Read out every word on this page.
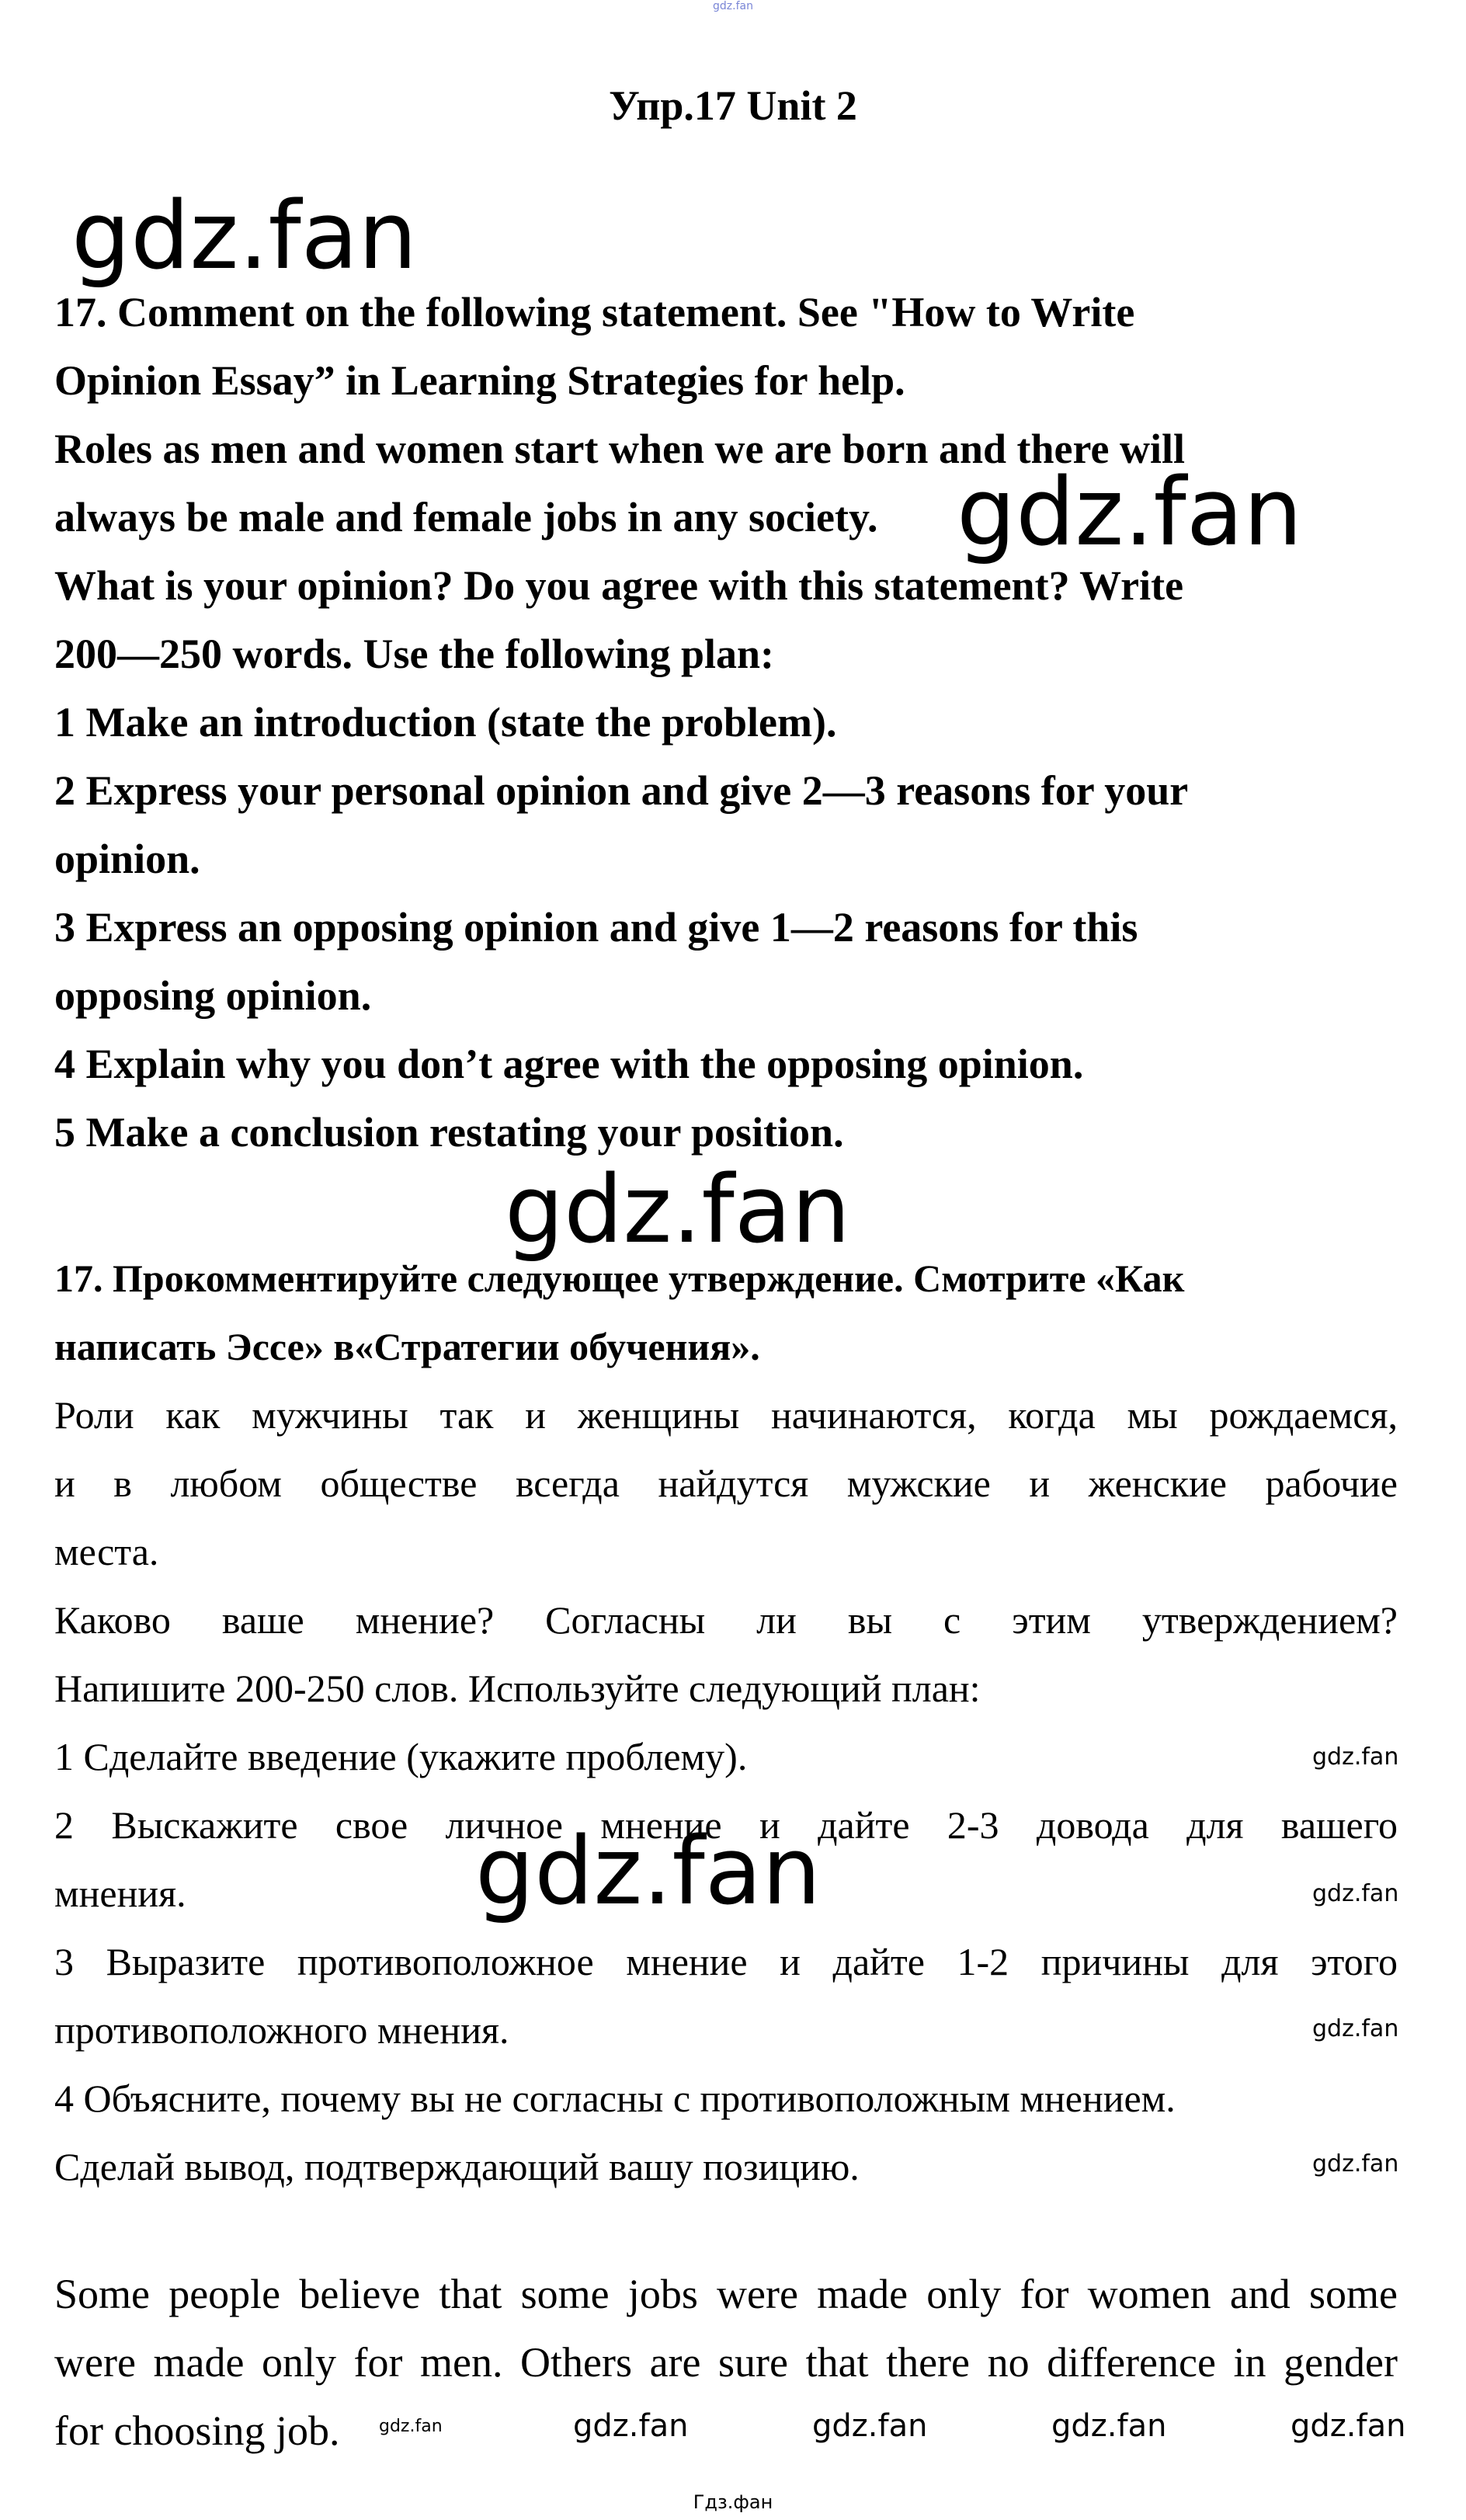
gdz.fan
Упр.17 Unit 2
gdz.fan
17. Comment on the following statement. See "How to Write
Opinion Essay” in Learning Strategies for help.
Roles as men and women start when we are born and there will
always be male and female jobs in any society. gdz.fan
What is your opinion? Do you agree with this statement? Write
200—250 words. Use the following plan:
1 Make an introduction (state the problem).
2 Express your personal opinion and give 2—3 reasons for your
opinion.
3 Express an opposing opinion and give 1—2 reasons for this
opposing opinion.
4 Explain why you don’t agree with the opposing opinion.
5 Make a conclusion restating your position.
gdz.fan
17. Прокомментируйте следующее утверждение. Смотрите «Как
написать Эссе» в«Стратегии обучения».
Роли как мужчины так и женщины начинаются, когда мы рождаемся,
и в любом обществе всегда найдутся мужские и женские рабочие
места.
Каково ваше мнение? Согласны ли вы с этим утверждением?
Напишите 200-250 слов. Используйте следующий план:
1 Сделайте введение (укажите проблему).	gdz.fan
2 Выскажите свое личное мнение и дайте 2-3 довода для вашего
мнения.	gdz.fan	gdz.fan
3 Выразите противоположное мнение и дайте 1-2 причины для этого
противоположного мнения.	gdz.fan
4 Объясните, почему вы не согласны с противоположным мнением.
Сделай вывод, подтверждающий вашу позицию.	gdz.fan
Some people believe that some jobs were made only for women and some
were made only for men. Others are sure that there no difference in gender
for choosing job. gdz.fan	gdz.fan	gdz.fan	gdz.fan	gdz.fan
Гдз.фан
